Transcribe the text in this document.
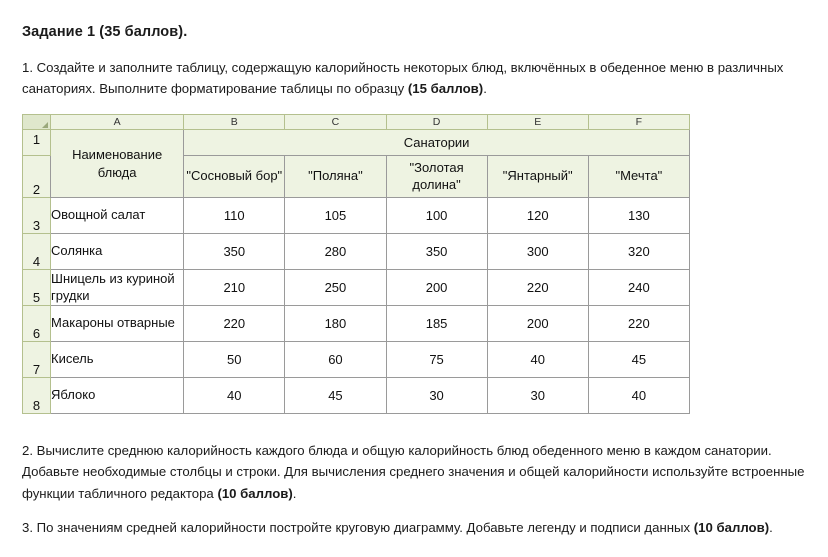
Задание 1 (35 баллов).
1. Создайте и заполните таблицу, содержащую калорийность некоторых блюд, включённых в обеденное меню в различных санаториях. Выполните форматирование таблицы по образцу (15 баллов).
	A	B	C	D	E	F
1	Наименование блюда	Санатории				
2		"Сосновый бор"	"Поляна"	"Золотая долина"	"Янтарный"	"Мечта"
3	Овощной салат	110	105	100	120	130
4	Солянка	350	280	350	300	320
5	Шницель из куриной грудки	210	250	200	220	240
6	Макароны отварные	220	180	185	200	220
7	Кисель	50	60	75	40	45
8	Яблоко	40	45	30	30	40
2. Вычислите среднюю калорийность каждого блюда и общую калорийность блюд обеденного меню в каждом санатории. Добавьте необходимые столбцы и строки. Для вычисления среднего значения и общей калорийности используйте встроенные функции табличного редактора (10 баллов).
3. По значениям средней калорийности постройте круговую диаграмму. Добавьте легенду и подписи данных (10 баллов).
